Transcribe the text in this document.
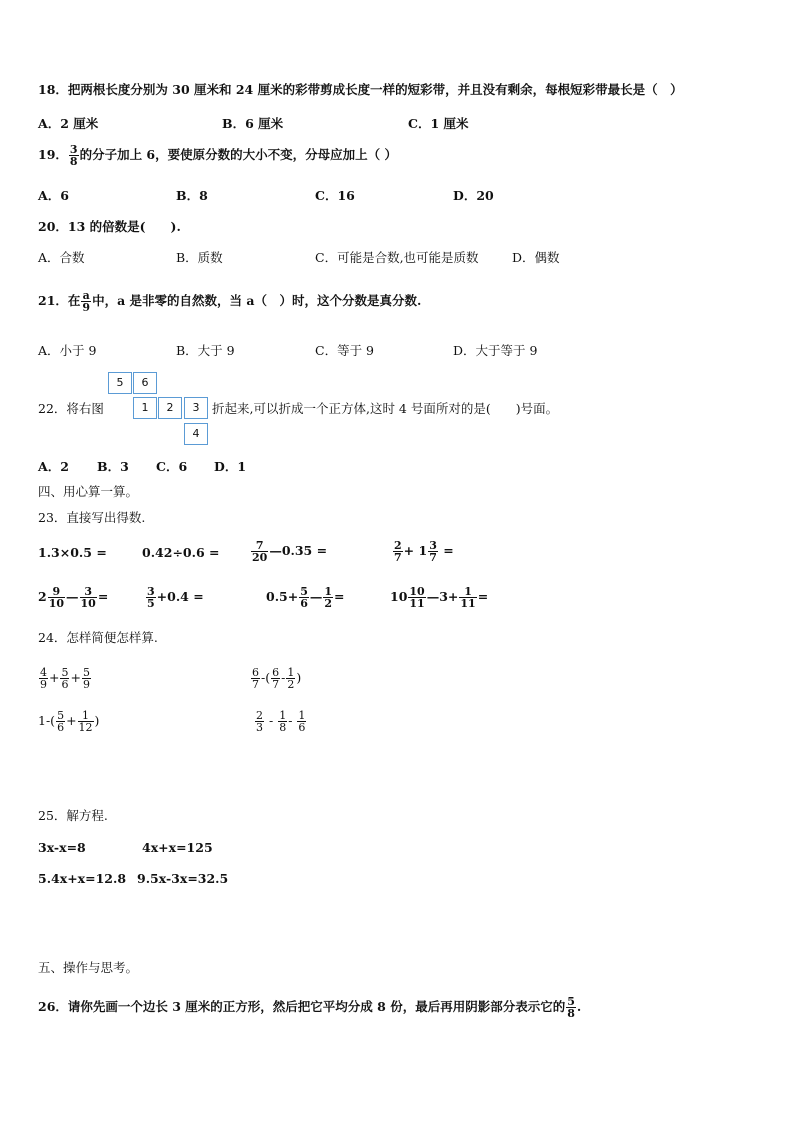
18．把两根长度分别为 30 厘米和 24 厘米的彩带剪成长度一样的短彩带，并且没有剩余，每根短彩带最长是（　）
A．2 厘米	B．6 厘米	C．1 厘米
19． $\frac{3}{8}$ 的分子加上 6，要使原分数的大小不变，分母应加上（ ）
A．6	B．8	C．16	D．20
20．13 的倍数是(　　).
A．合数	B．质数	C．可能是合数,也可能是质数	D．偶数
21．在 $\frac{a}{9}$ 中，a 是非零的自然数，当 a（　）时，这个分数是真分数.
A．小于 9	B．大于 9	C．等于 9	D．大于等于 9
22．将右图
5	6
1	2	3
4
折起来,可以折成一个正方体,这时 4 号面所对的是(　　)号面。
A．2 B．3 C．6 D．1
四、用心算一算。
23．直接写出得数.
1.3×0.5 =	0.42÷0.6 =	$\frac{7}{20}$ —0.35 =	$\frac{2}{7} + 1 \frac{3}{7}$ =
$2 \frac{9}{10}$ — $\frac{3}{10}$ =	$\frac{3}{5} +0.4$ =	$0.5+ \frac{5}{6}$ — $\frac{1}{2}$ =	$10 \frac{10}{11}$ —3+ $\frac{1}{11}$ =
24．怎样简便怎样算.
$\frac{4}{9} + \frac{5}{6} + \frac{5}{9}$	$\frac{6}{7}$ -( $\frac{6}{7} - \frac{1}{2}$ )
$1-( \frac{5}{6} + \frac{1}{12}$ )	$\frac{2}{3} - \frac{1}{8} - \frac{1}{6}$
25．解方程.
3x-x=8	4x+x=125
5.4x+x=12.8 9.5x-3x=32.5
五、操作与思考。
26．请你先画一个边长 3 厘米的正方形，然后把它平均分成 8 份，最后再用阴影部分表示它的 $\frac{5}{8}$ .
